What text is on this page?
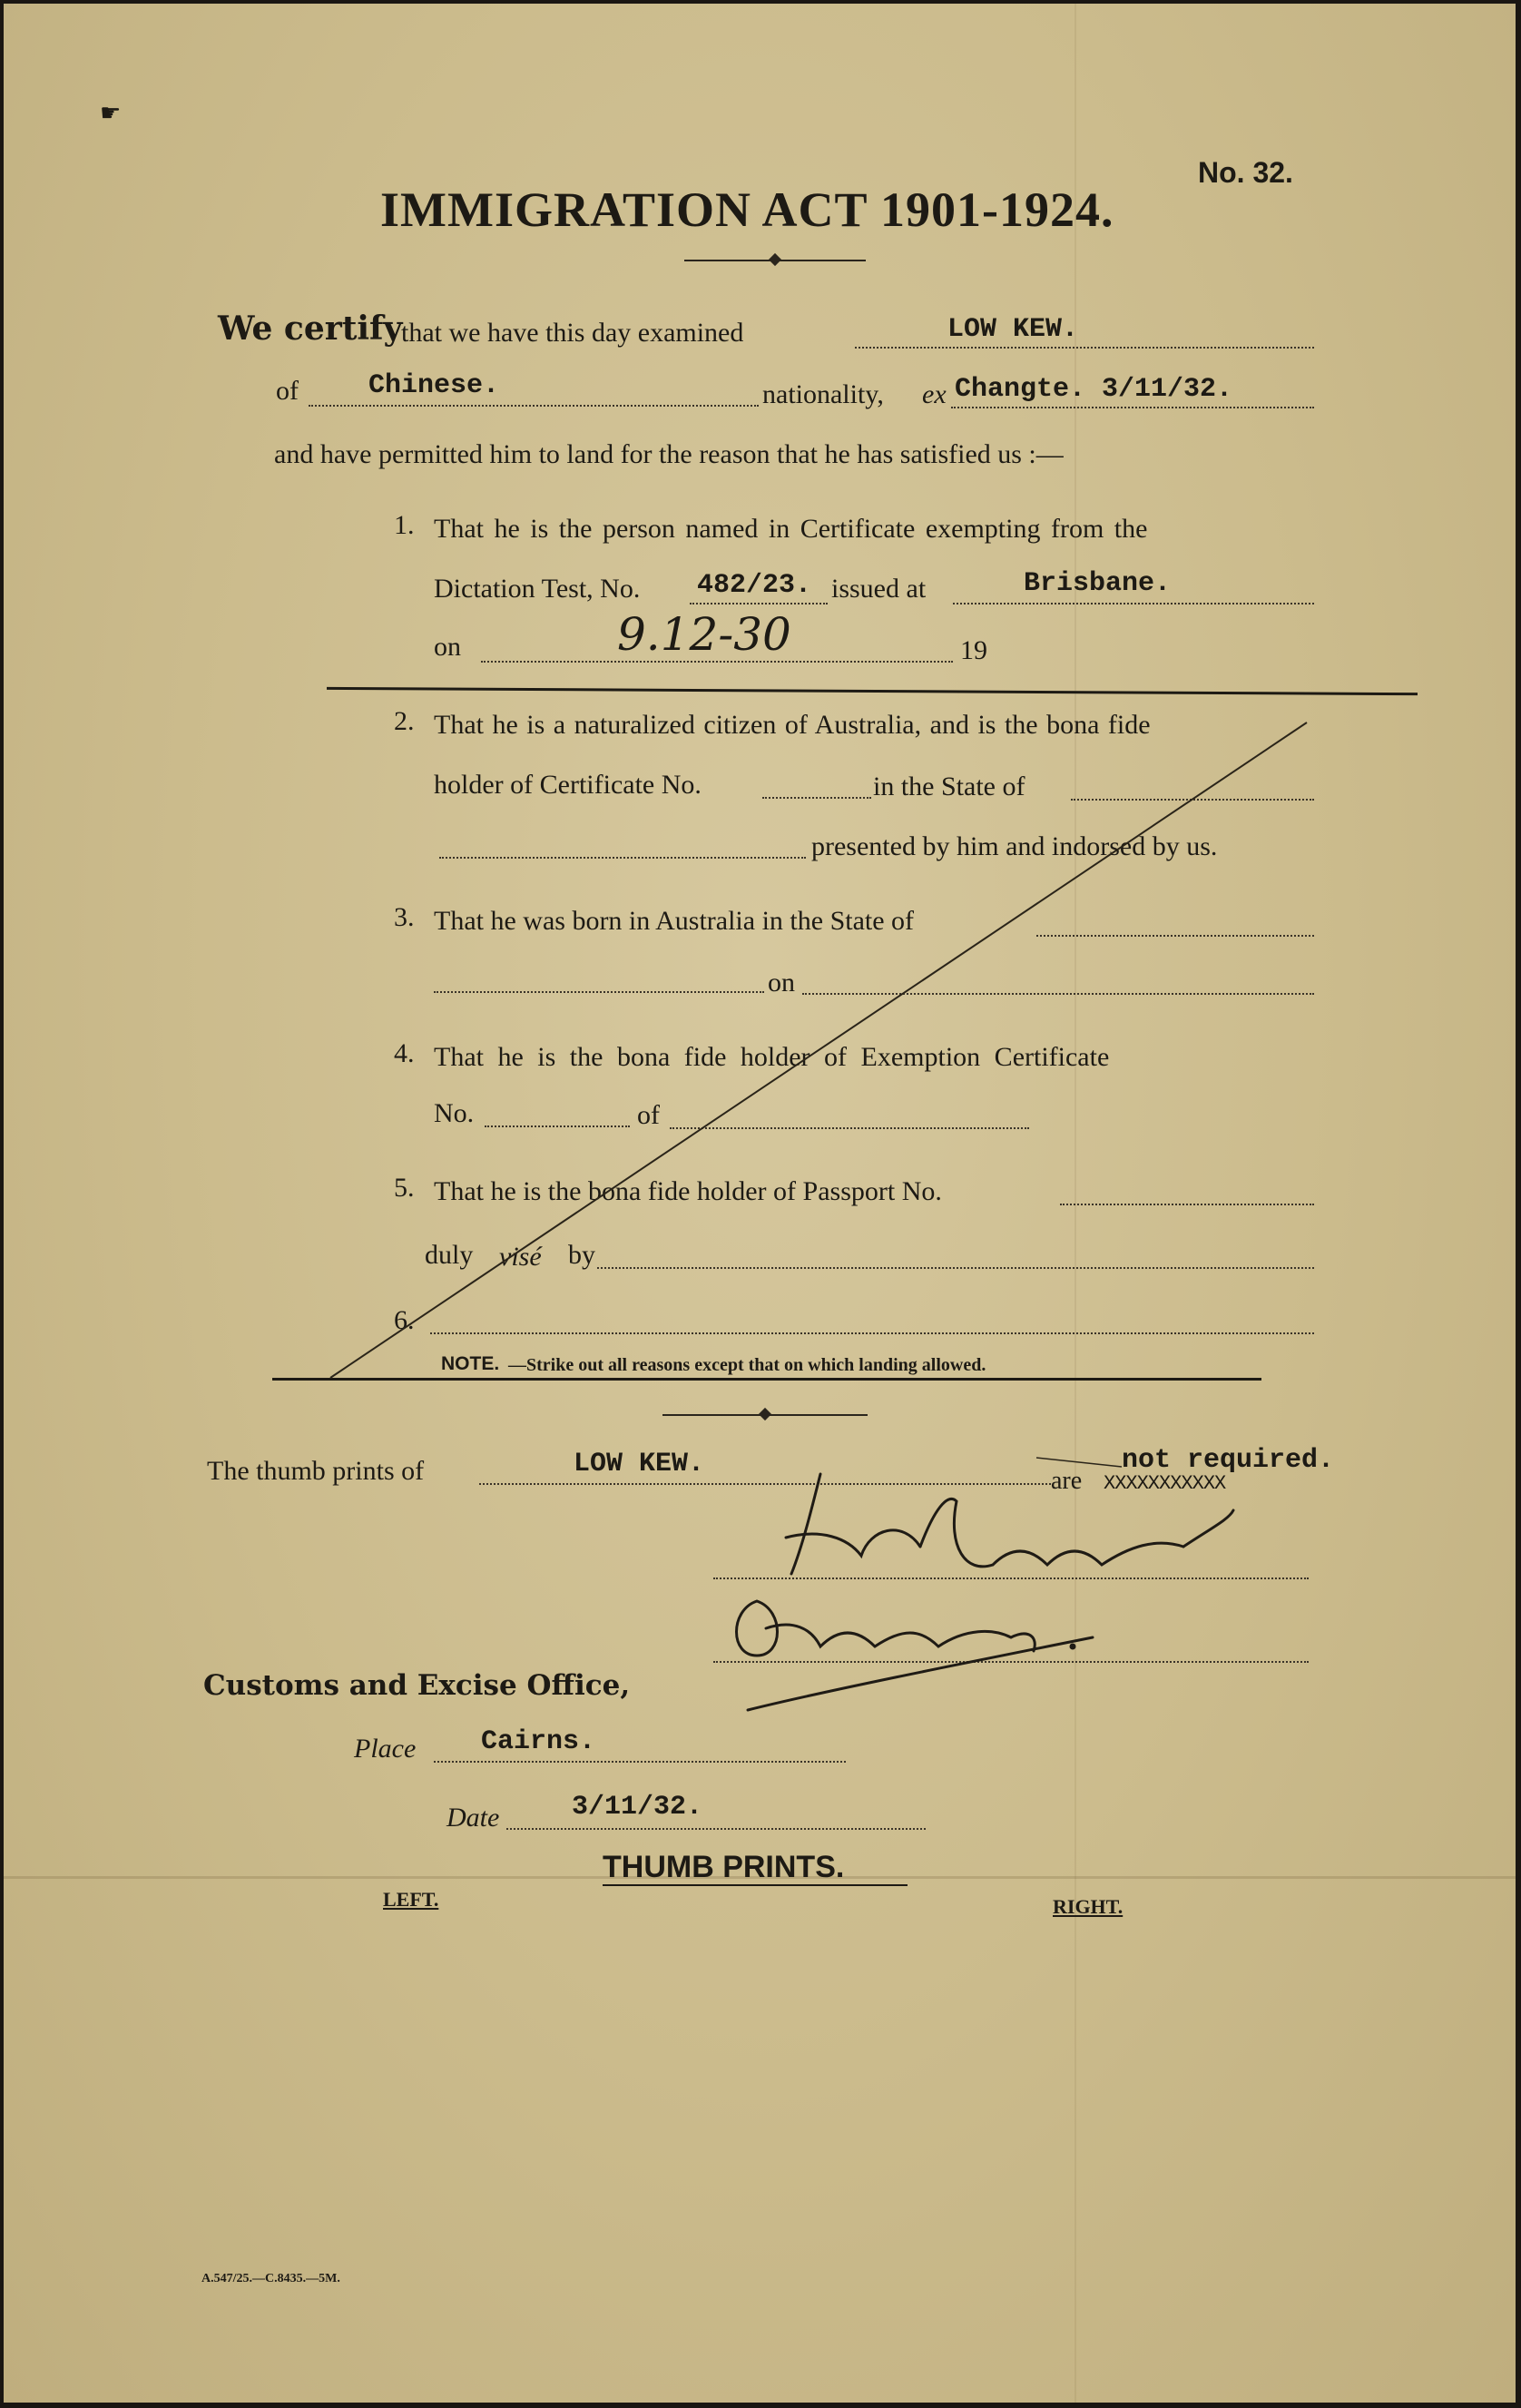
☛
No. 32.
IMMIGRATION ACT 1901-1924.
We certify
that we have this day examined	LOW KEW.
of	Chinese.	nationality, ex Changte. 3/11/32.
and have permitted him to land for the reason that he has satisfied us :—
1. That he is the person named in Certificate exempting from the
Dictation Test, No. 482/23. issued at	Brisbane.
on	9.12-30	19
2. That he is a naturalized citizen of Australia, and is the bona fide
holder of Certificate No.	in the State of
presented by him and indorsed by us.
3. That he was born in Australia in the State of
on
4. That he is the bona fide holder of Exemption Certificate
No.	of
5. That he is the bona fide holder of Passport No.
duly visé by
6.
NOTE. —Strike out all reasons except that on which landing allowed.
The thumb prints of	LOW KEW.
are XXXXXXXXXXX
not required.
Customs and Excise Office,
Place Cairns.
Date	3/11/32.
THUMB PRINTS.
LEFT.	RIGHT.
A.547/25.—C.8435.—5M.
